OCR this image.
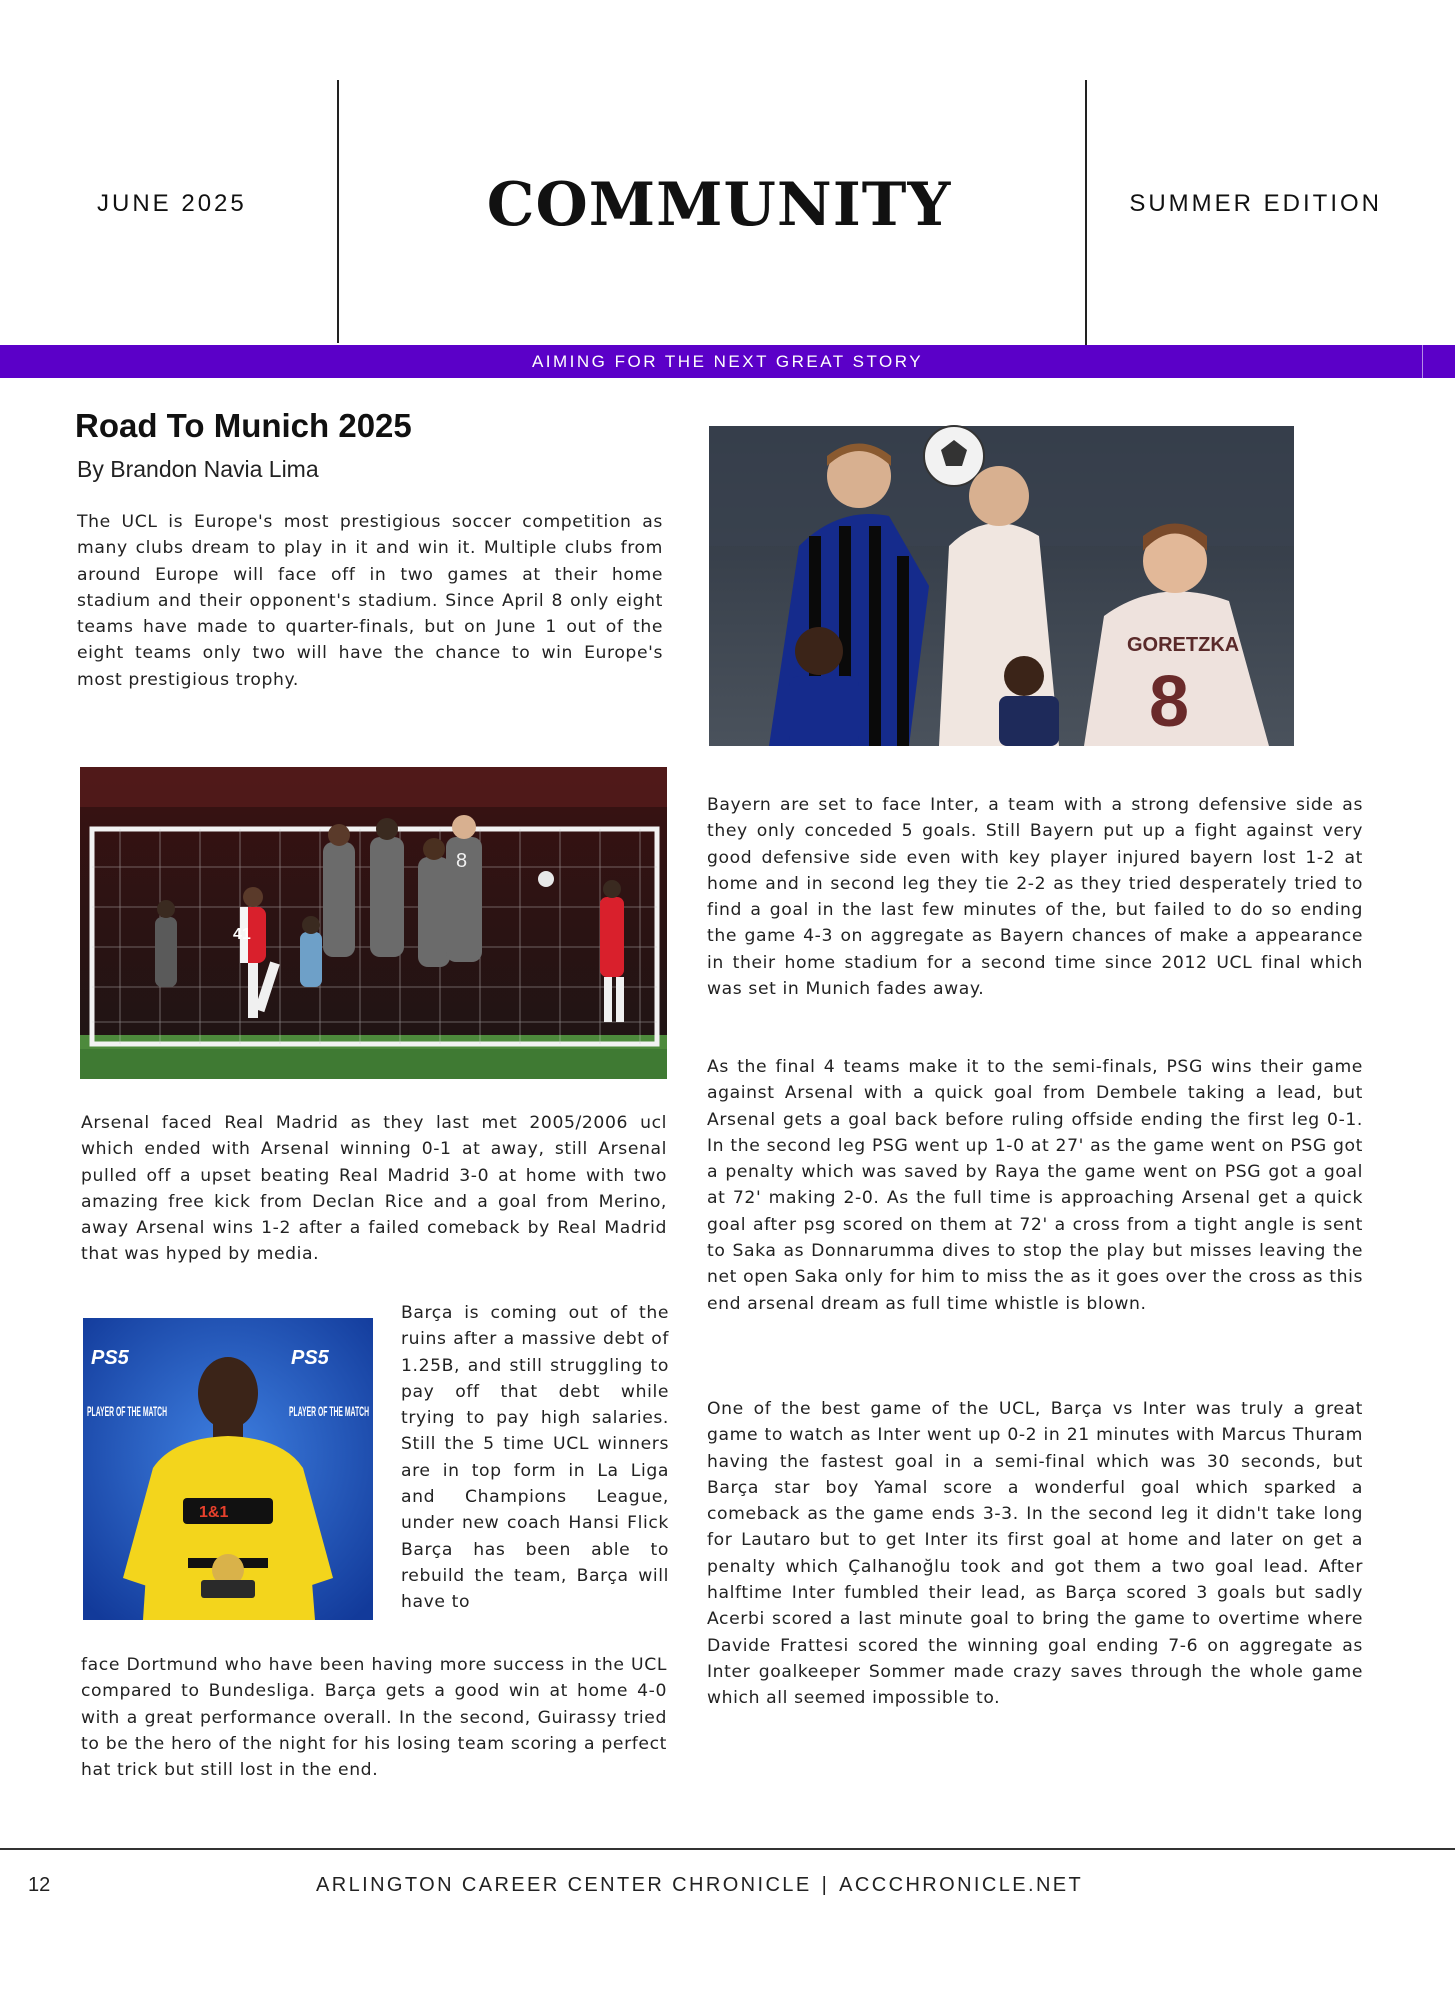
JUNE 2025	COMMUNITY	SUMMER EDITION
AIMING FOR THE NEXT GREAT STORY
Road To Munich 2025
By Brandon Navia Lima

The UCL is Europe's most prestigious soccer competition as many clubs dream to play in it and win it. Multiple clubs from around Europe will face off in two games at their home stadium and their opponent's stadium. Since April 8 only eight teams have made to quarter-finals, but on June 1 out of the eight teams only two will have the chance to win Europe's most prestigious trophy.

8
41

Arsenal faced Real Madrid as they last met 2005/2006 ucl which ended with Arsenal winning 0-1 at away, still Arsenal pulled off a upset beating Real Madrid 3-0 at home with two amazing free kick from Declan Rice and a goal from Merino, away Arsenal wins 1-2 after a failed comeback by Real Madrid that was hyped by media.

PS5	PS5
PLAYER OF THE MATCH	PLAYER OF THE MATCH
1&1

Barça is coming out of the ruins after a massive debt of 1.25B, and still struggling to pay off that debt while trying to pay high salaries. Still the 5 time UCL winners are in top form in La Liga and Champions League, under new coach Hansi Flick Barça has been able to rebuild the team, Barça will have to

face Dortmund who have been having more success in the UCL compared to Bundesliga. Barça gets a good win at home 4-0 with a great performance overall. In the second, Guirassy tried to be the hero of the night for his losing team scoring a perfect hat trick but still lost in the end.

GORETZKA
8

Bayern are set to face Inter, a team with a strong defensive side as they only conceded 5 goals. Still Bayern put up a fight against very good defensive side even with key player injured bayern lost 1-2 at home and in second leg they tie 2-2 as they tried desperately tried to find a goal in the last few minutes of the, but failed to do so ending the game 4-3 on aggregate as Bayern chances of make a appearance in their home stadium for a second time since 2012 UCL final which was set in Munich fades away.

As the final 4 teams make it to the semi-finals, PSG wins their game against Arsenal with a quick goal from Dembele taking a lead, but Arsenal gets a goal back before ruling offside ending the first leg 0-1. In the second leg PSG went up 1-0 at 27' as the game went on PSG got a penalty which was saved by Raya the game went on PSG got a goal at 72' making 2-0. As the full time is approaching Arsenal get a quick goal after psg scored on them at 72' a cross from a tight angle is sent to Saka as Donnarumma dives to stop the play but misses leaving the net open Saka only for him to miss the as it goes over the cross as this end arsenal dream as full time whistle is blown.

One of the best game of the UCL, Barça vs Inter was truly a great game to watch as Inter went up 0-2 in 21 minutes with Marcus Thuram having the fastest goal in a semi-final which was 30 seconds, but Barça star boy Yamal score a wonderful goal which sparked a comeback as the game ends 3-3. In the second leg it didn't take long for Lautaro but to get Inter its first goal at home and later on get a penalty which Çalhanoğlu took and got them a two goal lead. After halftime Inter fumbled their lead, as Barça scored 3 goals but sadly Acerbi scored a last minute goal to bring the game to overtime where Davide Frattesi scored the winning goal ending 7-6 on aggregate as Inter goalkeeper Sommer made crazy saves through the whole game which all seemed impossible to.

12	ARLINGTON CAREER CENTER CHRONICLE | ACCCHRONICLE.NET
